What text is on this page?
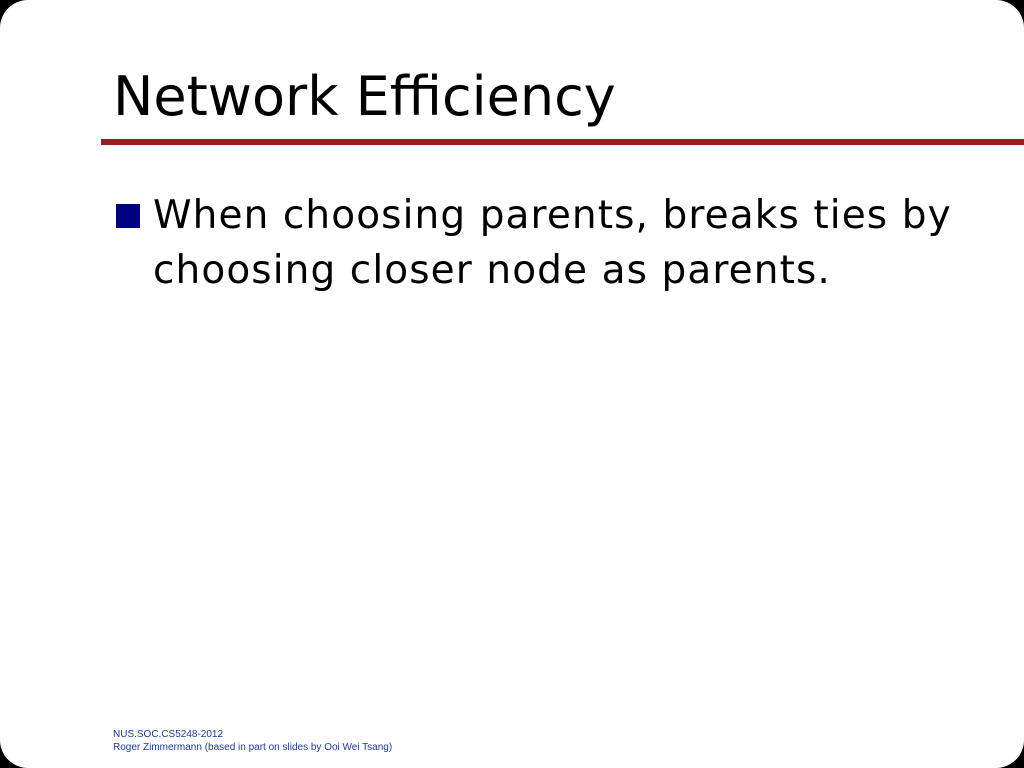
Network Efficiency
When choosing parents, breaks ties by choosing closer node as parents.
NUS.SOC.CS5248-2012
Roger Zimmermann (based in part on slides by Ooi Wei Tsang)
